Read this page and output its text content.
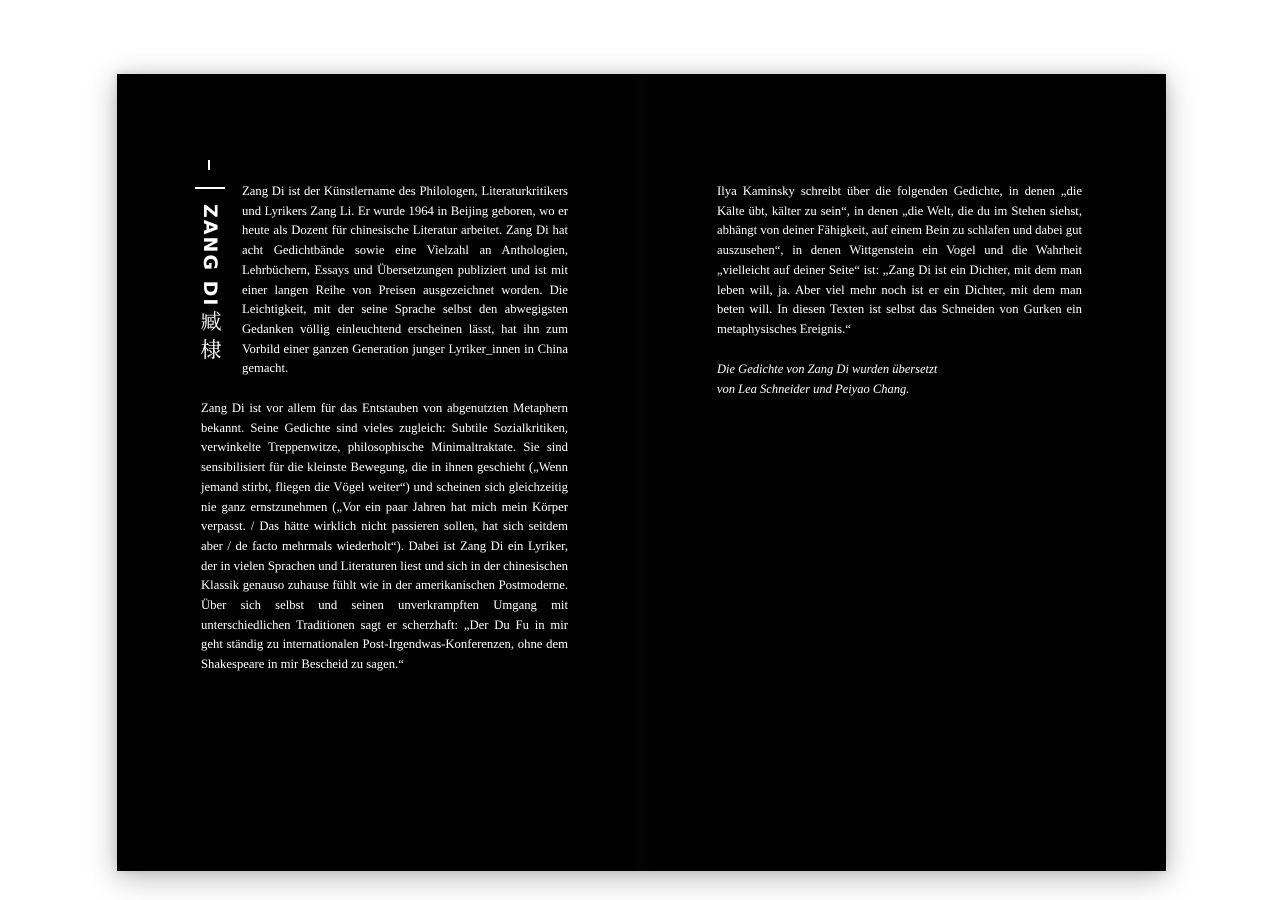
ZANG DI
臧棣

Zang Di ist der Künstlername des Philologen, Literaturkritikers und Lyrikers Zang Li. Er wurde 1964 in Beijing geboren, wo er heute als Dozent für chinesische Literatur arbeitet. Zang Di hat acht Gedichtbände sowie eine Vielzahl an Anthologien, Lehrbüchern, Essays und Übersetzungen publiziert und ist mit einer langen Reihe von Preisen ausgezeichnet worden. Die Leichtigkeit, mit der seine Sprache selbst den abwegigsten Gedanken völlig einleuchtend erscheinen lässt, hat ihn zum Vorbild einer ganzen Generation junger Lyriker_innen in China gemacht.

Zang Di ist vor allem für das Entstauben von abgenutzten Metaphern bekannt. Seine Gedichte sind vieles zugleich: Subtile Sozialkritiken, verwinkelte Treppenwitze, philosophische Minimaltraktate. Sie sind sensibilisiert für die kleinste Bewegung, die in ihnen geschieht („Wenn jemand stirbt, fliegen die Vögel weiter“) und scheinen sich gleichzeitig nie ganz ernstzunehmen („Vor ein paar Jahren hat mich mein Körper verpasst. / Das hätte wirklich nicht passieren sollen, hat sich seitdem aber / de facto mehrmals wiederholt“). Dabei ist Zang Di ein Lyriker, der in vielen Sprachen und Literaturen liest und sich in der chinesischen Klassik genauso zuhause fühlt wie in der amerikanischen Postmoderne. Über sich selbst und seinen unverkrampften Umgang mit unterschiedlichen Traditionen sagt er scherzhaft: „Der Du Fu in mir geht ständig zu internationalen Post-Irgendwas-Konferenzen, ohne dem Shakespeare in mir Bescheid zu sagen.“

Ilya Kaminsky schreibt über die folgenden Gedichte, in denen „die Kälte übt, kälter zu sein“, in denen „die Welt, die du im Stehen siehst, abhängt von deiner Fähigkeit, auf einem Bein zu schlafen und dabei gut auszusehen“, in denen Wittgenstein ein Vogel und die Wahrheit „vielleicht auf deiner Seite“ ist: „Zang Di ist ein Dichter, mit dem man leben will, ja. Aber viel mehr noch ist er ein Dichter, mit dem man beten will. In diesen Texten ist selbst das Schneiden von Gurken ein metaphysisches Ereignis.“

Die Gedichte von Zang Di wurden übersetzt
von Lea Schneider und Peiyao Chang.
